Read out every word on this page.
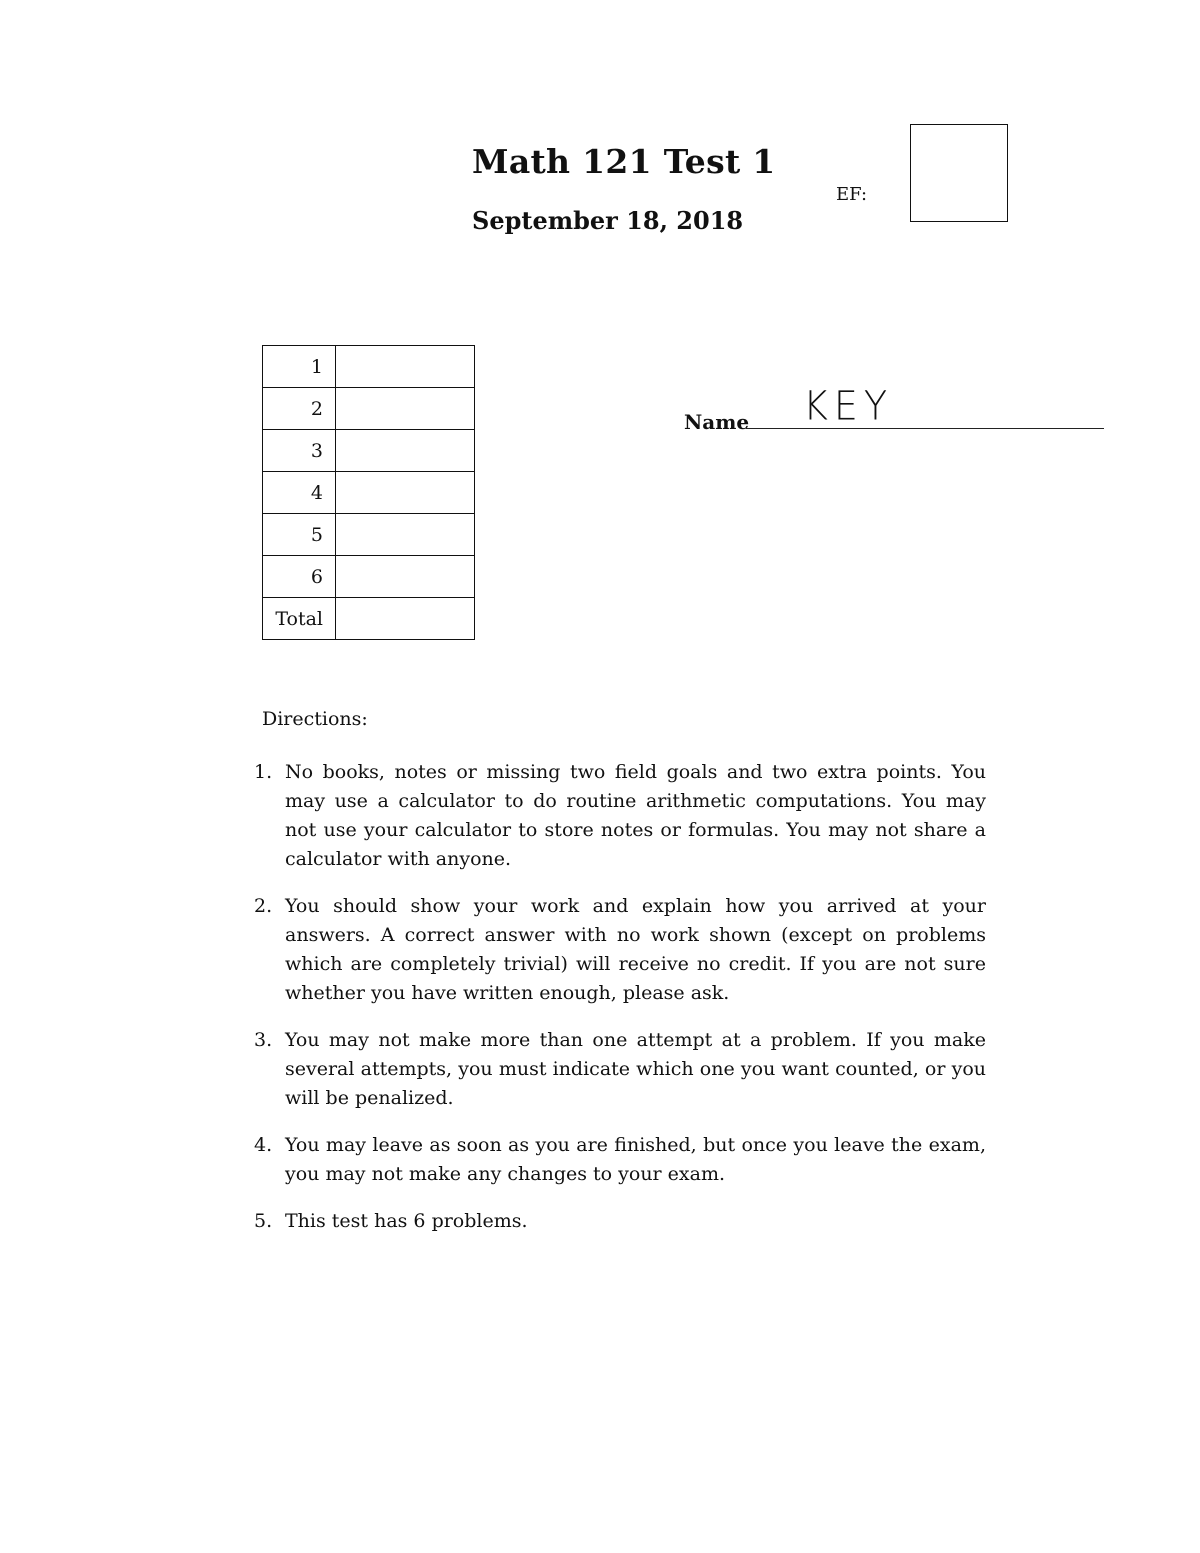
Math 121 Test 1
September 18, 2018
EF:
1	
2	
3	
4	
5	
6	
Total	
Name KEY
Directions:
1. No books, notes or missing two field goals and two extra points. You may use a calculator to do routine arithmetic computations. You may not use your calculator to store notes or formulas. You may not share a calculator with anyone.
2. You should show your work and explain how you arrived at your answers. A correct answer with no work shown (except on problems which are completely trivial) will receive no credit. If you are not sure whether you have written enough, please ask.
3. You may not make more than one attempt at a problem. If you make several attempts, you must indicate which one you want counted, or you will be penalized.
4. You may leave as soon as you are finished, but once you leave the exam, you may not make any changes to your exam.
5. This test has 6 problems.
